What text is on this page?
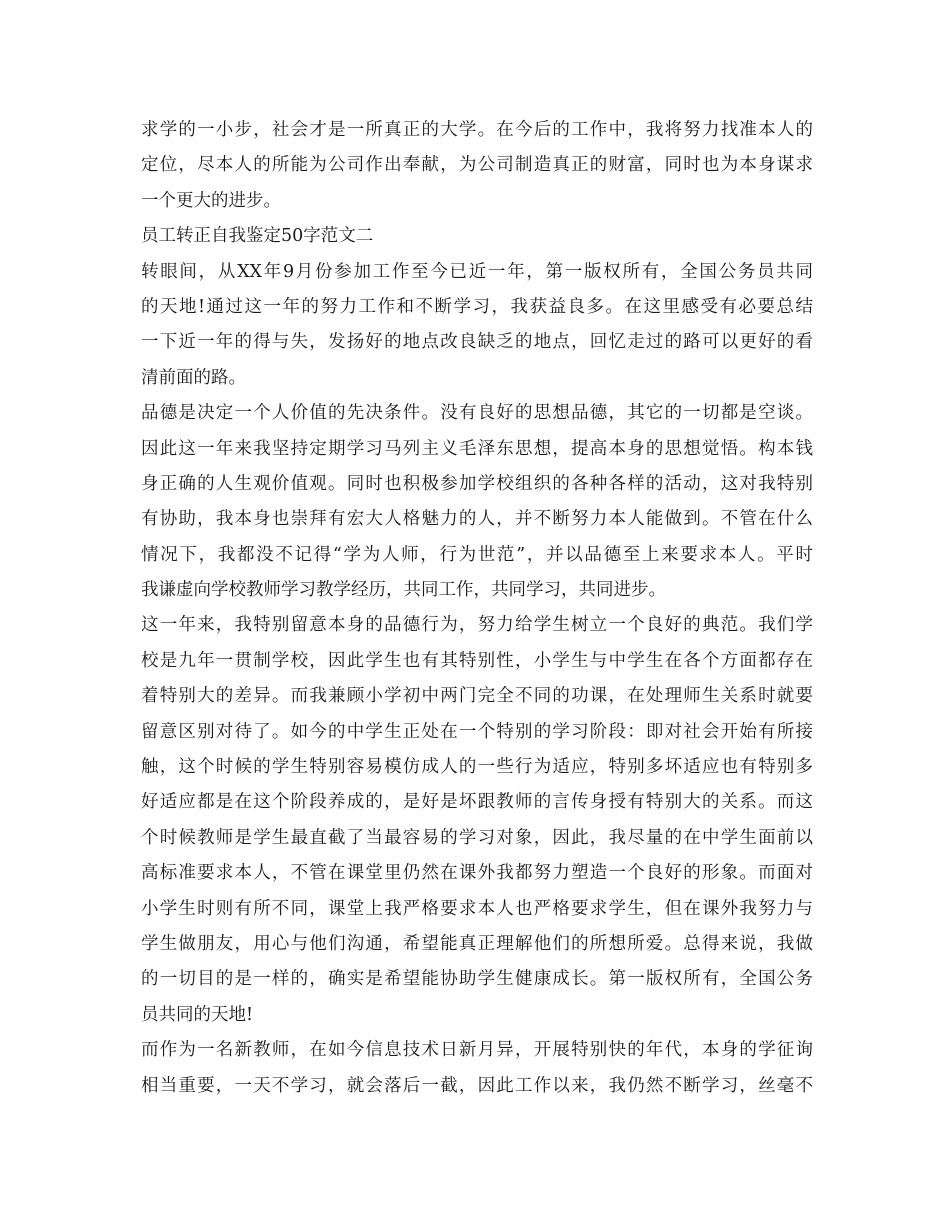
求学的一小步，社会才是一所真正的大学。在今后的工作中，我将努力找准本人的
定位，尽本人的所能为公司作出奉献，为公司制造真正的财富，同时也为本身谋求
一个更大的进步。
员工转正自我鉴定50字范文二
转眼间，从XX年9月份参加工作至今已近一年，第一版权所有，全国公务员共同
的天地!通过这一年的努力工作和不断学习，我获益良多。在这里感受有必要总结
一下近一年的得与失，发扬好的地点改良缺乏的地点，回忆走过的路可以更好的看
清前面的路。
品德是决定一个人价值的先决条件。没有良好的思想品德，其它的一切都是空谈。
因此这一年来我坚持定期学习马列主义毛泽东思想，提高本身的思想觉悟。构本钱
身正确的人生观价值观。同时也积极参加学校组织的各种各样的活动，这对我特别
有协助，我本身也崇拜有宏大人格魅力的人，并不断努力本人能做到。不管在什么
情况下，我都没不记得“学为人师，行为世范”，并以品德至上来要求本人。平时
我谦虚向学校教师学习教学经历，共同工作，共同学习，共同进步。
这一年来，我特别留意本身的品德行为，努力给学生树立一个良好的典范。我们学
校是九年一贯制学校，因此学生也有其特别性，小学生与中学生在各个方面都存在
着特别大的差异。而我兼顾小学初中两门完全不同的功课，在处理师生关系时就要
留意区别对待了。如今的中学生正处在一个特别的学习阶段：即对社会开始有所接
触，这个时候的学生特别容易模仿成人的一些行为适应，特别多坏适应也有特别多
好适应都是在这个阶段养成的，是好是坏跟教师的言传身授有特别大的关系。而这
个时候教师是学生最直截了当最容易的学习对象，因此，我尽量的在中学生面前以
高标准要求本人，不管在课堂里仍然在课外我都努力塑造一个良好的形象。而面对
小学生时则有所不同，课堂上我严格要求本人也严格要求学生，但在课外我努力与
学生做朋友，用心与他们沟通，希望能真正理解他们的所想所爱。总得来说，我做
的一切目的是一样的，确实是希望能协助学生健康成长。第一版权所有，全国公务
员共同的天地!
而作为一名新教师，在如今信息技术日新月异，开展特别快的年代，本身的学征询
相当重要，一天不学习，就会落后一截，因此工作以来，我仍然不断学习，丝毫不
